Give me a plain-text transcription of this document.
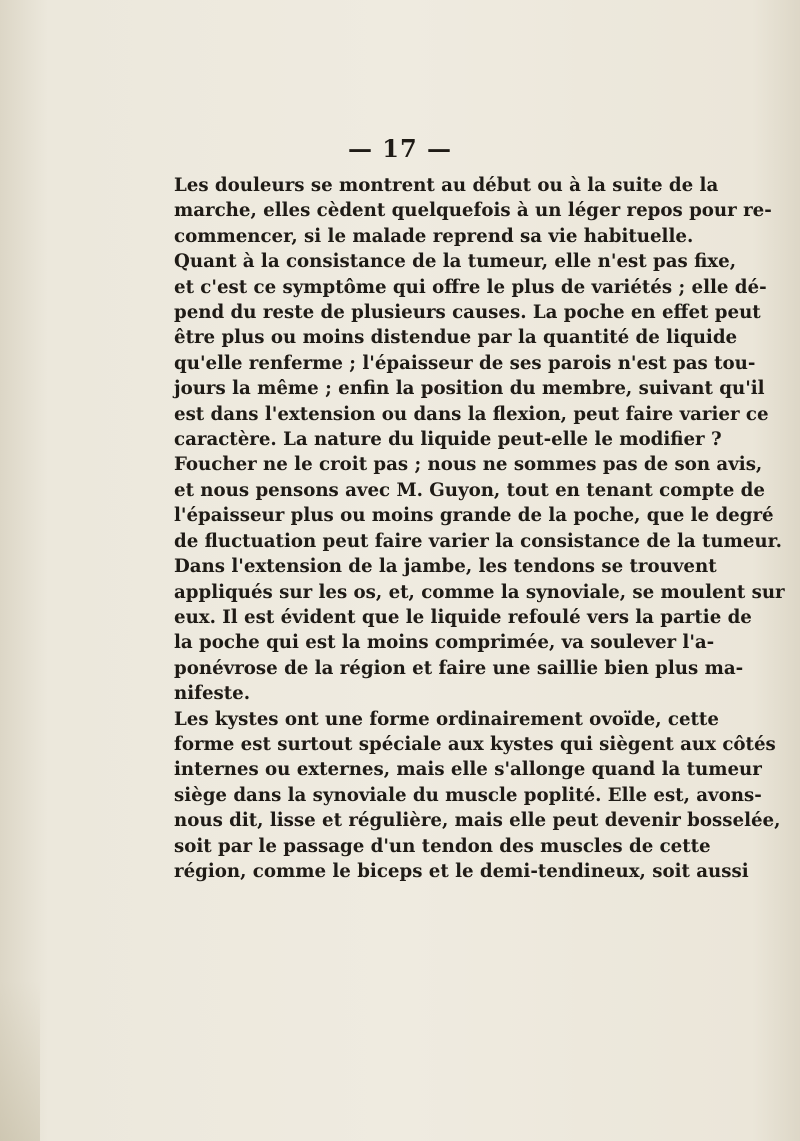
— 17 —

Les douleurs se montrent au début ou à la suite de la
marche, elles cèdent quelquefois à un léger repos pour re-
commencer, si le malade reprend sa vie habituelle.

Quant à la consistance de la tumeur, elle n'est pas fixe,
et c'est ce symptôme qui offre le plus de variétés ; elle dé-
pend du reste de plusieurs causes. La poche en effet peut
être plus ou moins distendue par la quantité de liquide
qu'elle renferme ; l'épaisseur de ses parois n'est pas tou-
jours la même ; enfin la position du membre, suivant qu'il
est dans l'extension ou dans la flexion, peut faire varier ce
caractère. La nature du liquide peut-elle le modifier ?
Foucher ne le croit pas ; nous ne sommes pas de son avis,
et nous pensons avec M. Guyon, tout en tenant compte de
l'épaisseur plus ou moins grande de la poche, que le degré
de fluctuation peut faire varier la consistance de la tumeur.

Dans l'extension de la jambe, les tendons se trouvent
appliqués sur les os, et, comme la synoviale, se moulent sur
eux. Il est évident que le liquide refoulé vers la partie de
la poche qui est la moins comprimée, va soulever l'a-
ponévrose de la région et faire une saillie bien plus ma-
nifeste.

Les kystes ont une forme ordinairement ovoïde, cette
forme est surtout spéciale aux kystes qui siègent aux côtés
internes ou externes, mais elle s'allonge quand la tumeur
siège dans la synoviale du muscle poplité. Elle est, avons-
nous dit, lisse et régulière, mais elle peut devenir bosselée,
soit par le passage d'un tendon des muscles de cette
région, comme le biceps et le demi-tendineux, soit aussi
